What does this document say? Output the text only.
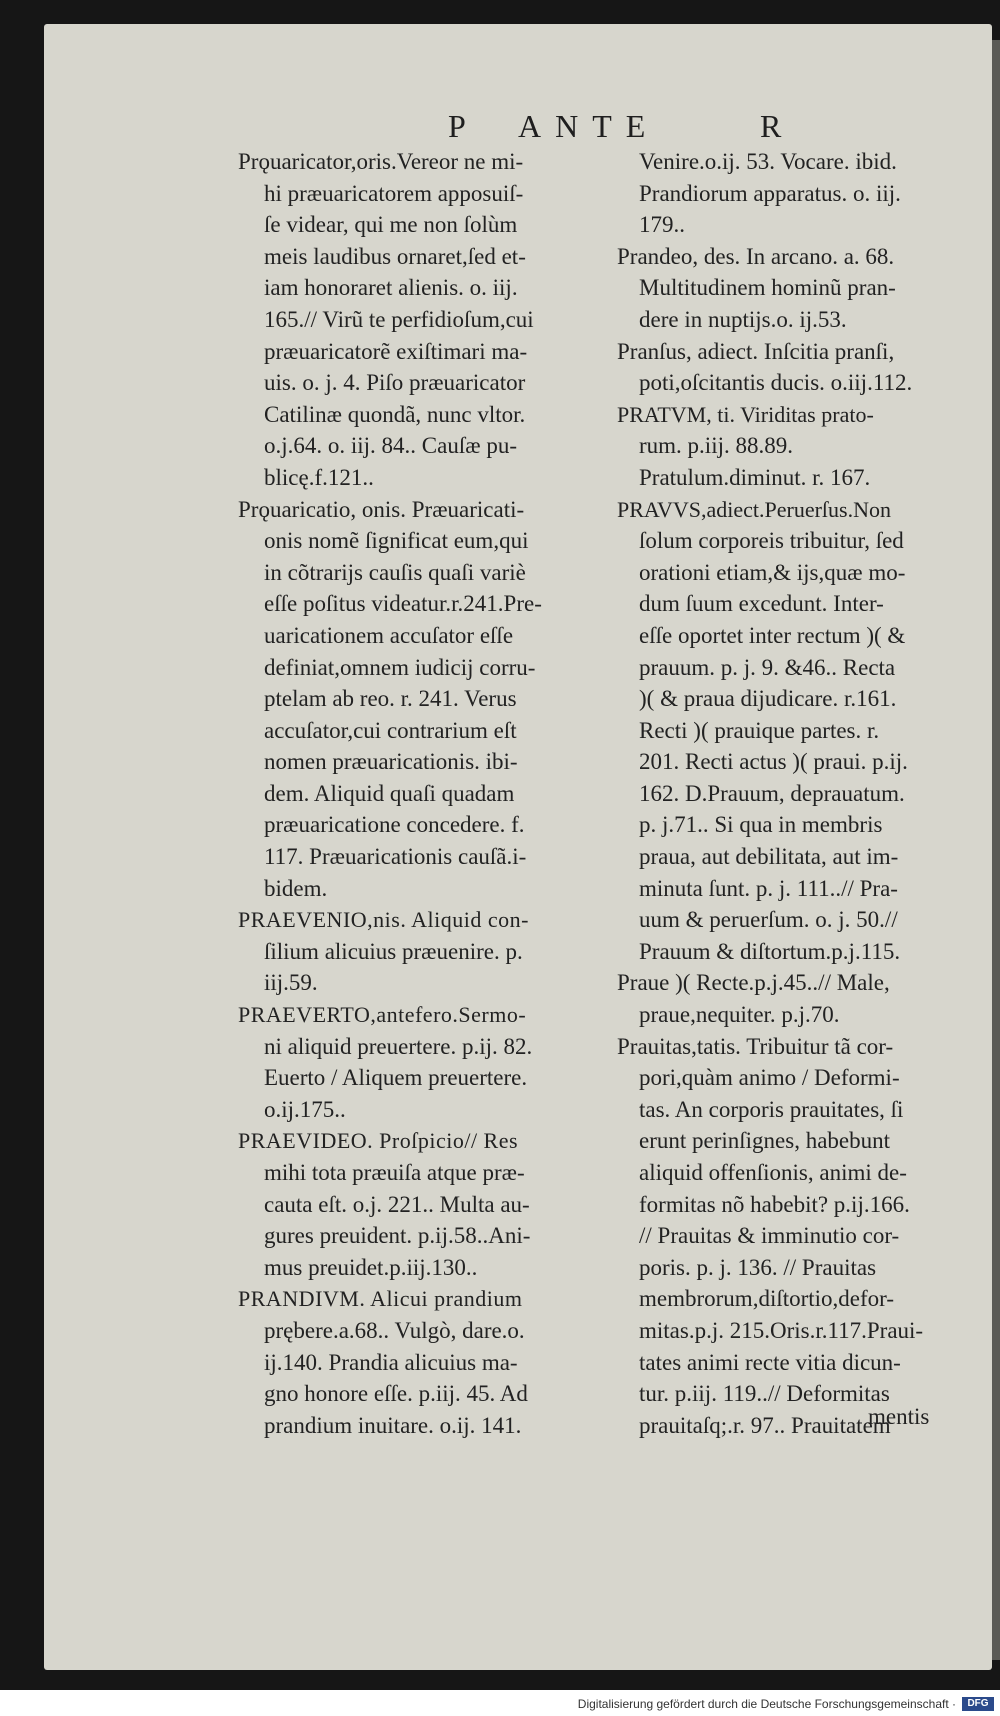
P ANTE	R
Prǫuaricator,oris.Vereor ne mi-
hi præuaricatorem apposuiſ-
ſe videar, qui me non ſolùm
meis laudibus ornaret,ſed et-
iam honoraret alienis. o. iij.
165.// Virũ te perfidioſum,cui
præuaricatorẽ exiſtimari ma-
uis. o. j. 4. Piſo præuaricator
Catilinæ quondã, nunc vltor.
o.j.64. o. iij. 84.. Cauſæ pu-
blicę.f.121..
Prǫuaricatio, onis. Præuaricati-
onis nomẽ ſignificat eum,qui
in cõtrarijs cauſis quaſi variè
eſſe poſitus videatur.r.241.Pre-
uaricationem accuſator eſſe
definiat,omnem iudicij corru-
ptelam ab reo. r. 241. Verus
accuſator,cui contrarium eſt
nomen præuaricationis. ibi-
dem. Aliquid quaſi quadam
præuaricatione concedere. f.
117. Præuaricationis cauſã.i-
bidem.
PRAEVENIO,nis. Aliquid con-
ſilium alicuius præuenire. p.
iij.59.
PRAEVERTO,antefero.Sermo-
ni aliquid preuertere. p.ij. 82.
Euerto / Aliquem preuertere.
o.ij.175..
PRAEVIDEO. Proſpicio// Res
mihi tota præuiſa atque præ-
cauta eſt. o.j. 221.. Multa au-
gures preuident. p.ij.58..Ani-
mus preuidet.p.iij.130..
PRANDIVM. Alicui prandium
prębere.a.68.. Vulgò, dare.o.
ij.140. Prandia alicuius ma-
gno honore eſſe. p.iij. 45. Ad
prandium inuitare. o.ij. 141.
Venire.o.ij. 53. Vocare. ibid.
Prandiorum apparatus. o. iij.
179..
Prandeo, des. In arcano. a. 68.
Multitudinem hominũ pran-
dere in nuptijs.o. ij.53.
Pranſus, adiect. Inſcitia pranſi,
poti,oſcitantis ducis. o.iij.112.
PRATVM, ti. Viriditas prato-
rum. p.iij. 88.89.
Pratulum.diminut. r. 167.
PRAVVS,adiect.Peruerſus.Non
ſolum corporeis tribuitur, ſed
orationi etiam,& ijs,quæ mo-
dum ſuum excedunt. Inter-
eſſe oportet inter rectum )( &
prauum. p. j. 9. &46.. Recta
)( & praua dijudicare. r.161.
Recti )( prauique partes. r.
201. Recti actus )( praui. p.ij.
162. D.Prauum, deprauatum.
p. j.71.. Si qua in membris
praua, aut debilitata, aut im-
minuta ſunt. p. j. 111..// Pra-
uum & peruerſum. o. j. 50.//
Prauum & diſtortum.p.j.115.
Praue )( Recte.p.j.45..// Male,
praue,nequiter. p.j.70.
Prauitas,tatis. Tribuitur tã cor-
pori,quàm animo / Deformi-
tas. An corporis prauitates, ſi
erunt perinſignes, habebunt
aliquid offenſionis, animi de-
formitas nõ habebit? p.ij.166.
// Prauitas & imminutio cor-
poris. p. j. 136. // Prauitas
membrorum,diſtortio,defor-
mitas.p.j. 215.Oris.r.117.Praui-
tates animi recte vitia dicun-
tur. p.iij. 119..// Deformitas
prauitaſq;.r. 97.. Prauitatem
mentis
Digitalisierung gefördert durch die Deutsche Forschungsgemeinschaft ·	DFG
